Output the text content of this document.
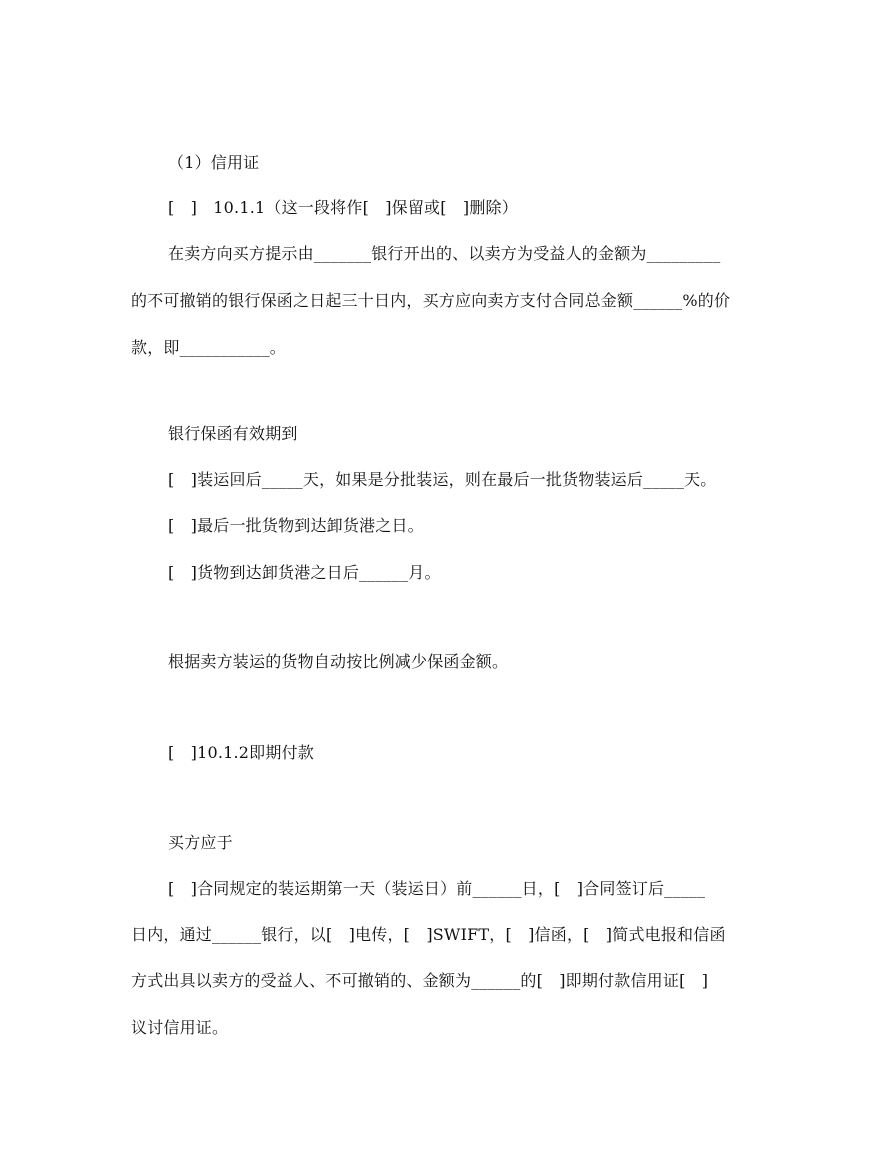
（1）信用证
[　]　10.1.1（这一段将作[　]保留或[　]删除）
在卖方向买方提示由_______银行开出的、以卖方为受益人的金额为_________
的不可撤销的银行保函之日起三十日内，买方应向卖方支付合同总金额______%的价
款，即___________。
银行保函有效期到
[　]装运回后_____天，如果是分批装运，则在最后一批货物装运后_____天。
[　]最后一批货物到达卸货港之日。
[　]货物到达卸货港之日后______月。
根据卖方装运的货物自动按比例减少保函金额。
[　]10.1.2即期付款
买方应于
[　]合同规定的装运期第一天（装运日）前______日，[　]合同签订后_____
日内，通过______银行，以[　]电传，[　]SWIFT，[　]信函，[　]简式电报和信函
方式出具以卖方的受益人、不可撤销的、金额为______的[　]即期付款信用证[　]
议讨信用证。
